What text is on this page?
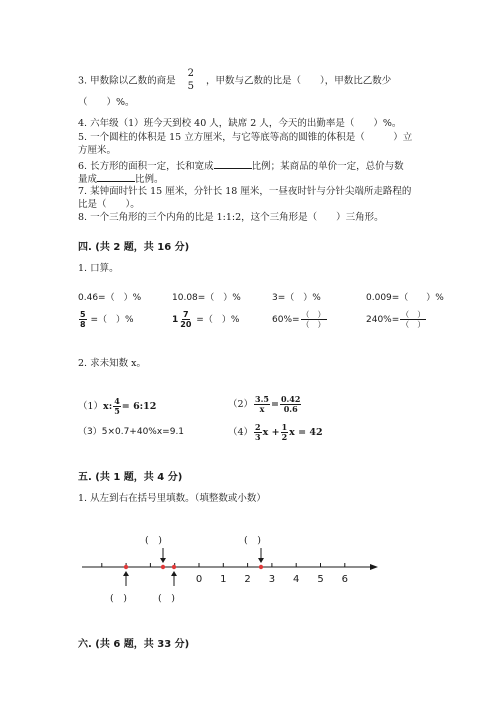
3. 甲数除以乙数的商是
2
5 ，甲数与乙数的比是（　　），甲数比乙数少
（　　）%。
4. 六年级（1）班今天到校 40 人，缺席 2 人，今天的出勤率是（　　）%。
5. 一个圆柱的体积是 15 立方厘米，与它等底等高的圆锥的体积是（　　　）立
方厘米。
6. 长方形的面积一定，长和宽成	比例；某商品的单价一定，总价与数
量成	比例。
7. 某钟面时针长 15 厘米，分针长 18 厘米，一昼夜时针与分针尖端所走路程的
比是（　　）。
8. 一个三角形的三个内角的比是 1:1:2，这个三角形是（　　）三角形。
四. (共 2 题，共 16 分)
1. 口算。
0.46=（　）%	10.08=（　）%	3=（　）%	0.009=（　　）%
$\frac{5}{8}$ =（　）%	$1 \frac{7}{20}$ =（　）%	$60\%= \frac{( )}{( )}$	$240\%= \frac{( )}{( )}$
2. 求未知数 x。
（1）x: $\frac{4}{5}$ = 6:12	$(2) \frac{3.5}{x} = \frac{0.42}{0.6}$
（3）5×0.7+40%x=9.1	$(4) \frac{2}{3}$ $x + \frac{1}{2}$ x = 42
五. (共 1 题，共 4 分)
1. 从左到右在括号里填数。（填整数或小数）
0 1 2 3 4 5 6
(　)	(　)
(　)	(　)
六. (共 6 题，共 33 分)
